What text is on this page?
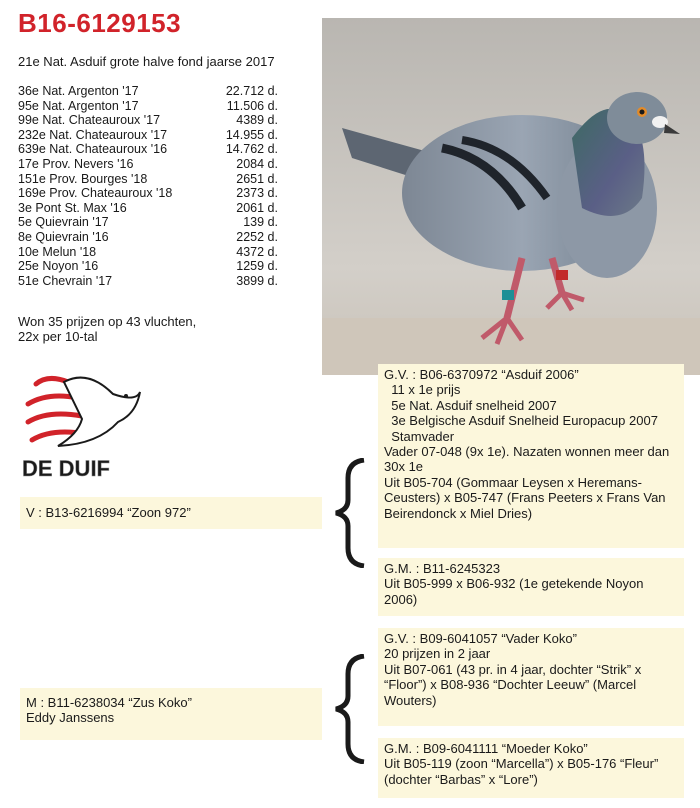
B16-6129153
21e Nat. Asduif grote halve fond jaarse 2017
36e Nat. Argenton '17	22.712 d.
95e Nat. Argenton '17	11.506 d.
99e Nat. Chateauroux '17	4389 d.
232e Nat. Chateauroux '17	14.955 d.
639e Nat. Chateauroux '16	14.762 d.
17e Prov. Nevers '16	2084 d.
151e Prov. Bourges '18	2651 d.
169e Prov. Chateauroux '18	2373 d.
3e Pont St. Max '16	2061 d.
5e Quievrain '17	139 d.
8e Quievrain '16	2252 d.
10e Melun '18	4372 d.
25e Noyon '16	1259 d.
51e Chevrain '17	3899 d.
Won 35 prijzen op 43 vluchten,
22x per 10-tal
DE DUIF
V : B13-6216994 “Zoon 972”
M : B11-6238034 “Zus Koko”
Eddy Janssens
G.V. : B06-6370972 “Asduif 2006”
11 x 1e prijs
5e Nat. Asduif snelheid 2007
3e Belgische Asduif Snelheid Europacup 2007
Stamvader
Vader 07-048 (9x 1e). Nazaten wonnen meer dan 30x 1e
Uit B05-704 (Gommaar Leysen x Heremans-Ceusters) x B05-747 (Frans Peeters x Frans Van Beirendonck x Miel Dries)
G.M. : B11-6245323
Uit B05-999 x B06-932 (1e getekende Noyon 2006)
G.V. : B09-6041057 “Vader Koko”
20 prijzen in 2 jaar
Uit B07-061 (43 pr. in 4 jaar, dochter “Strik” x “Floor”) x B08-936 “Dochter Leeuw” (Marcel Wouters)
G.M. : B09-6041111 “Moeder Koko”
Uit B05-119 (zoon “Marcella”) x B05-176 “Fleur” (dochter “Barbas” x “Lore”)
